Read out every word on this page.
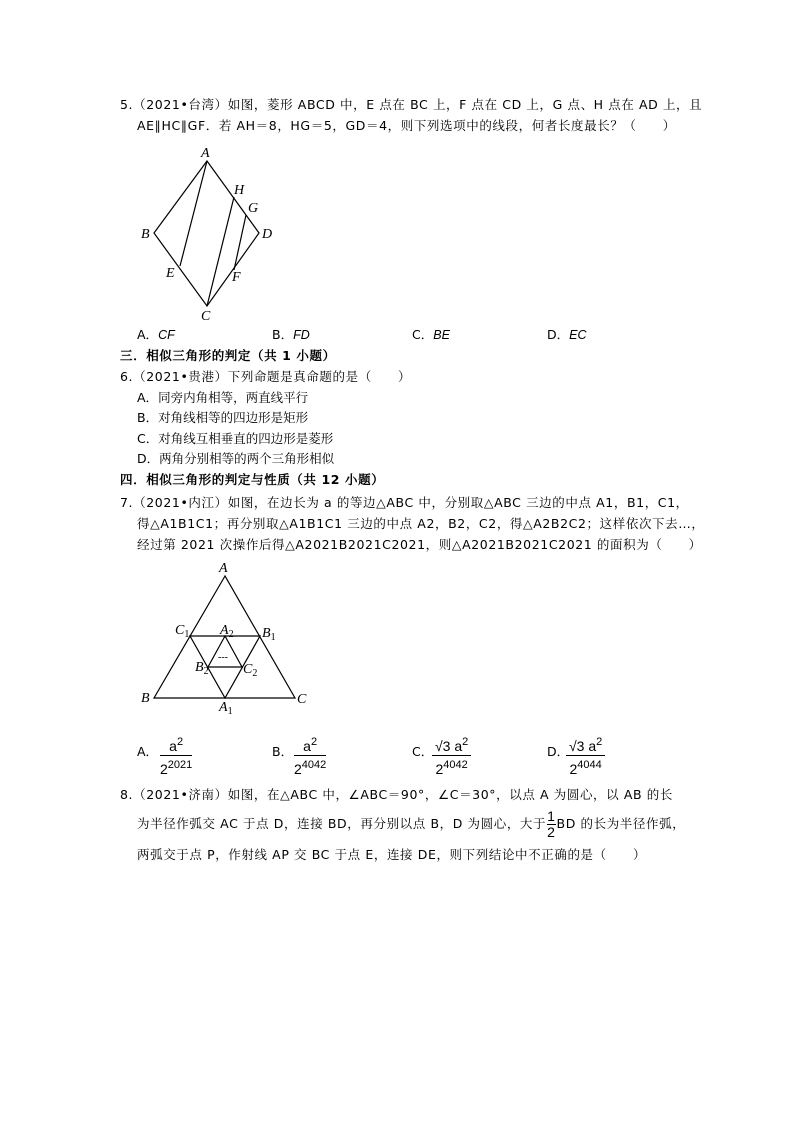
5.（2021•台湾）如图，菱形 ABCD 中，E 点在 BC 上，F 点在 CD 上，G 点、H 点在 AD 上，且
AE∥HC∥GF．若 AH＝8，HG＝5，GD＝4，则下列选项中的线段，何者长度最长？（　　）
A
B
C
D
E	F
G
H
A．CF	B．FD	C．BE	D．EC
三．相似三角形的判定（共 1 小题）
6.（2021•贵港）下列命题是真命题的是（　　）
A．同旁内角相等，两直线平行
B．对角线相等的四边形是矩形
C．对角线互相垂直的四边形是菱形
D．两角分别相等的两个三角形相似
四．相似三角形的判定与性质（共 12 小题）
7.（2021•内江）如图，在边长为 a 的等边△ABC 中，分别取△ABC 三边的中点 A1，B1，C1，
得△A1B1C1；再分别取△A1B1C1 三边的中点 A2，B2，C2，得△A2B2C2；这样依次下去…，
经过第 2021 次操作后得△A2021B2021C2021，则△A2021B2021C2021 的面积为（　　）
A
B	C
$C_1$	$B_1$
$A_2$
$B_2$ $C_2$
$A_1$
---
A． $\frac{a^2}{2^{2021}}$	B． $\frac{a^2}{2^{4042}}$	C．
$\frac{√3 a^2}{2^{4042}}$	D．
$\frac{√3 a^2}{2^{4044}}$
8.（2021•济南）如图，在△ABC 中，∠ABC＝90°，∠C＝30°，以点 A 为圆心，以 AB 的长
为半径作弧交 AC 于点 D，连接 BD，再分别以点 B，D 为圆心，大于 $\frac{1}{2}$ BD 的长为半径作弧，
两弧交于点 P，作射线 AP 交 BC 于点 E，连接 DE，则下列结论中不正确的是（　　）
